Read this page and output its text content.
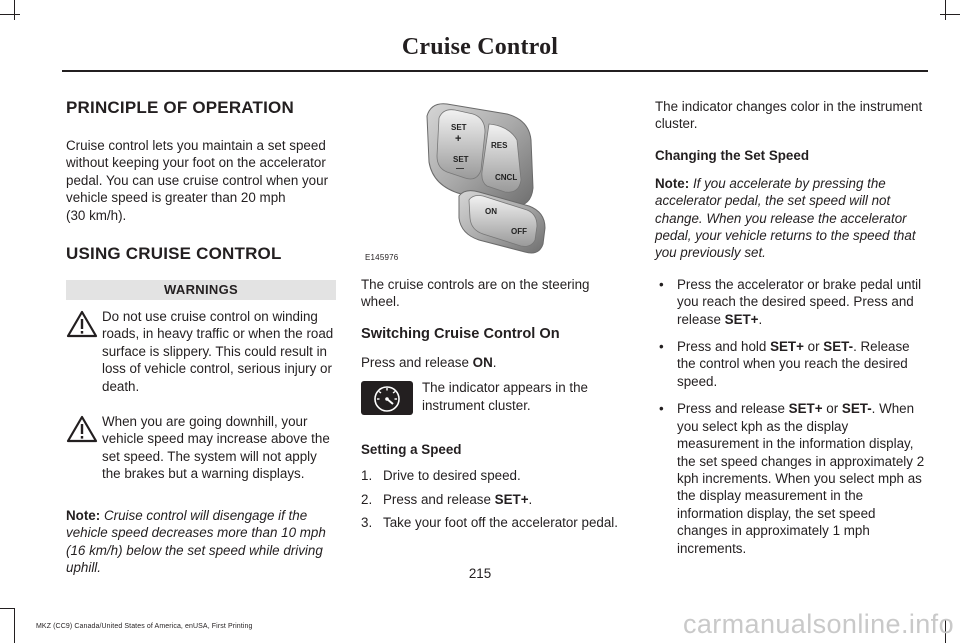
Cruise Control
PRINCIPLE OF OPERATION

Cruise control lets you maintain a set speed without keeping your foot on the accelerator pedal. You can use cruise control when your vehicle speed is greater than 20 mph
(30 km/h).

USING CRUISE CONTROL
WARNINGS
Do not use cruise control on winding roads, in heavy traffic or when the road surface is slippery. This could result in loss of vehicle control, serious injury or death.
When you are going downhill, your vehicle speed may increase above the set speed. The system will not apply the brakes but a warning displays.

Note: Cruise control will disengage if the vehicle speed decreases more than 10 mph (16 km/h) below the set speed while driving uphill.

SET
+
SET
—
RES
CNCL
ON
OFF
E145976

The cruise controls are on the steering wheel.

Switching Cruise Control On

Press and release ON.

The indicator appears in the instrument cluster.
Setting a Speed
1. Drive to desired speed.
2. Press and release SET+.
3. Take your foot off the accelerator pedal.

The indicator changes color in the instrument cluster.

Changing the Set Speed

Note: If you accelerate by pressing the accelerator pedal, the set speed will not change. When you release the accelerator pedal, your vehicle returns to the speed that you previously set.

• Press the accelerator or brake pedal until you reach the desired speed. Press and release SET+.
• Press and hold SET+ or SET-. Release the control when you reach the desired speed.
• Press and release SET+ or SET-. When you select kph as the display measurement in the information display, the set speed changes in approximately 2 kph increments. When you select mph as the display measurement in the information display, the set speed changes in approximately 1 mph increments.
215
MKZ (CC9) Canada/United States of America, enUSA, First Printing	carmanualsonline.info
